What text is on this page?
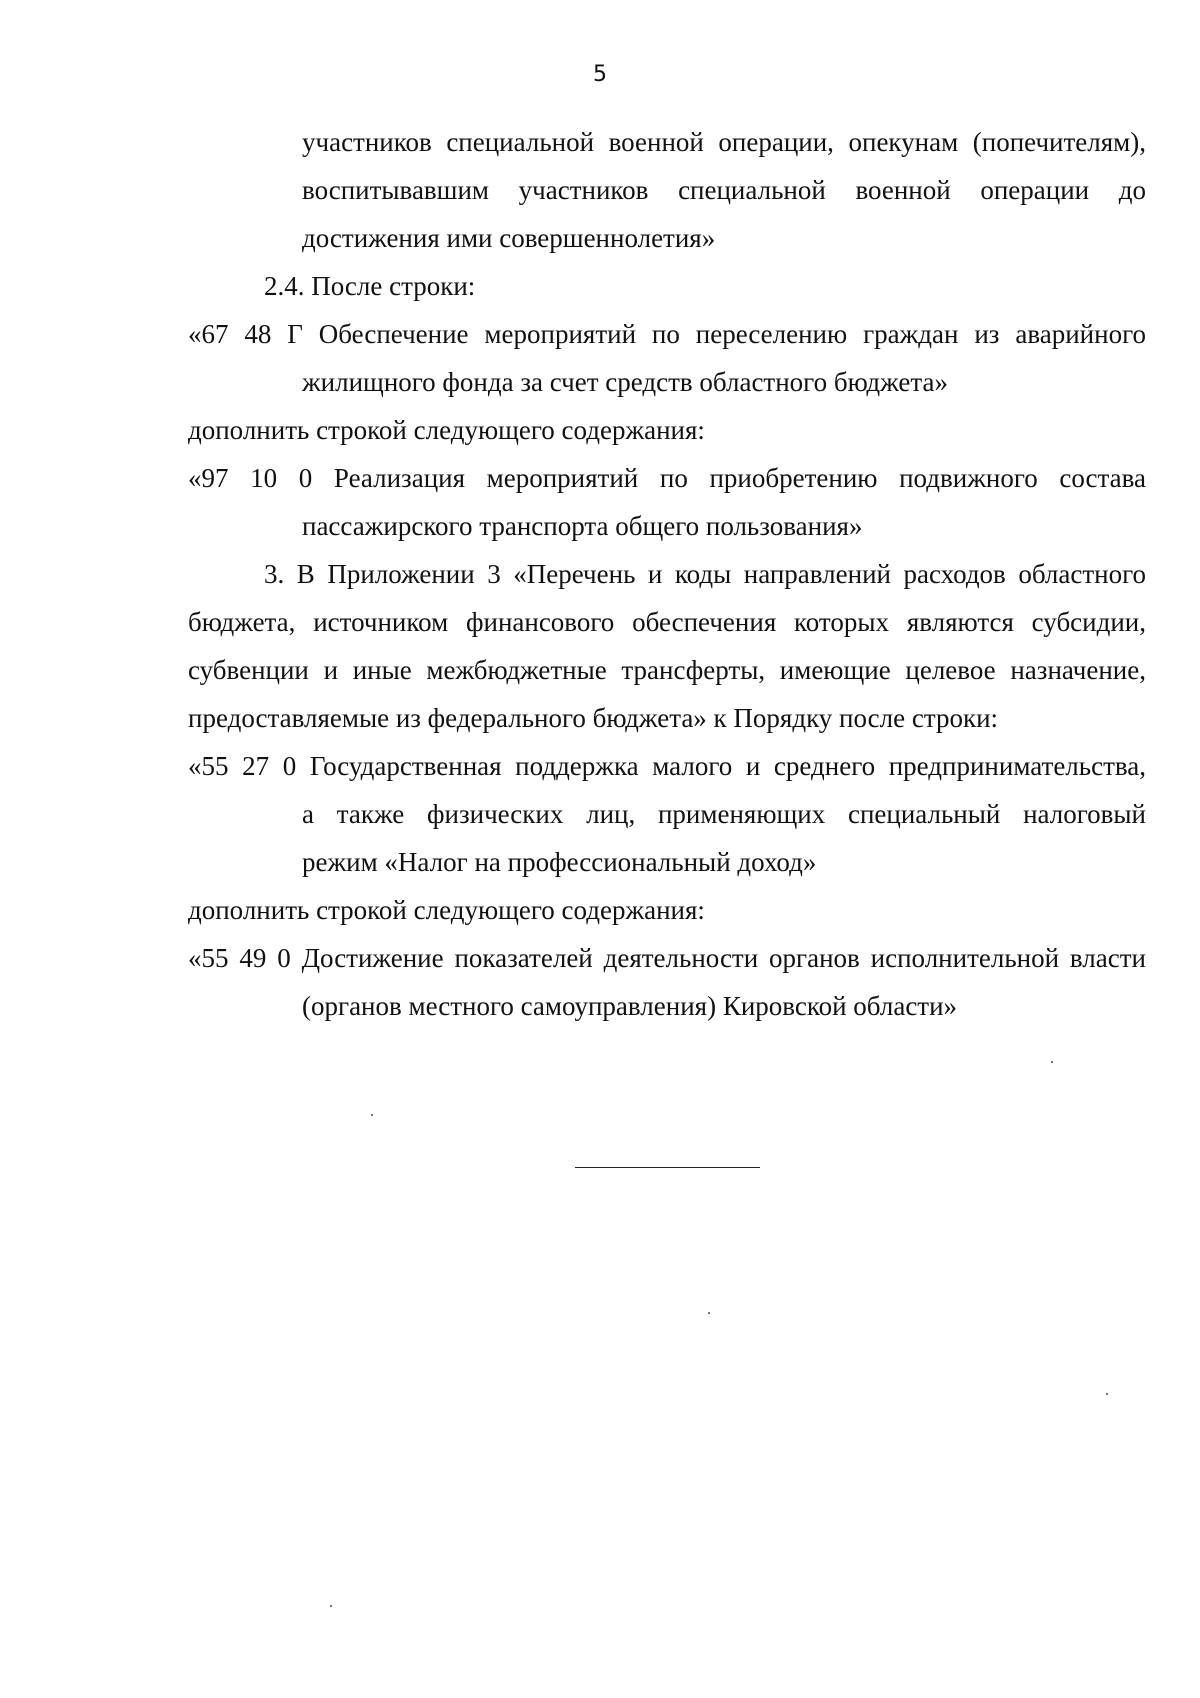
5
участников специальной военной операции, опекунам (попечителям),
воспитывавшим участников специальной военной операции до
достижения ими совершеннолетия»
2.4. После строки:
«67 48 Г Обеспечение мероприятий по переселению граждан из аварийного
жилищного фонда за счет средств областного бюджета»
дополнить строкой следующего содержания:
«97 10 0 Реализация мероприятий по приобретению подвижного состава
пассажирского транспорта общего пользования»
3. В Приложении 3 «Перечень и коды направлений расходов областного
бюджета, источником финансового обеспечения которых являются субсидии,
субвенции и иные межбюджетные трансферты, имеющие целевое назначение,
предоставляемые из федерального бюджета» к Порядку после строки:
«55 27 0 Государственная поддержка малого и среднего предпринимательства,
а также физических лиц, применяющих специальный налоговый
режим «Налог на профессиональный доход»
дополнить строкой следующего содержания:
«55 49 0 Достижение показателей деятельности органов исполнительной власти
(органов местного самоуправления) Кировской области»
